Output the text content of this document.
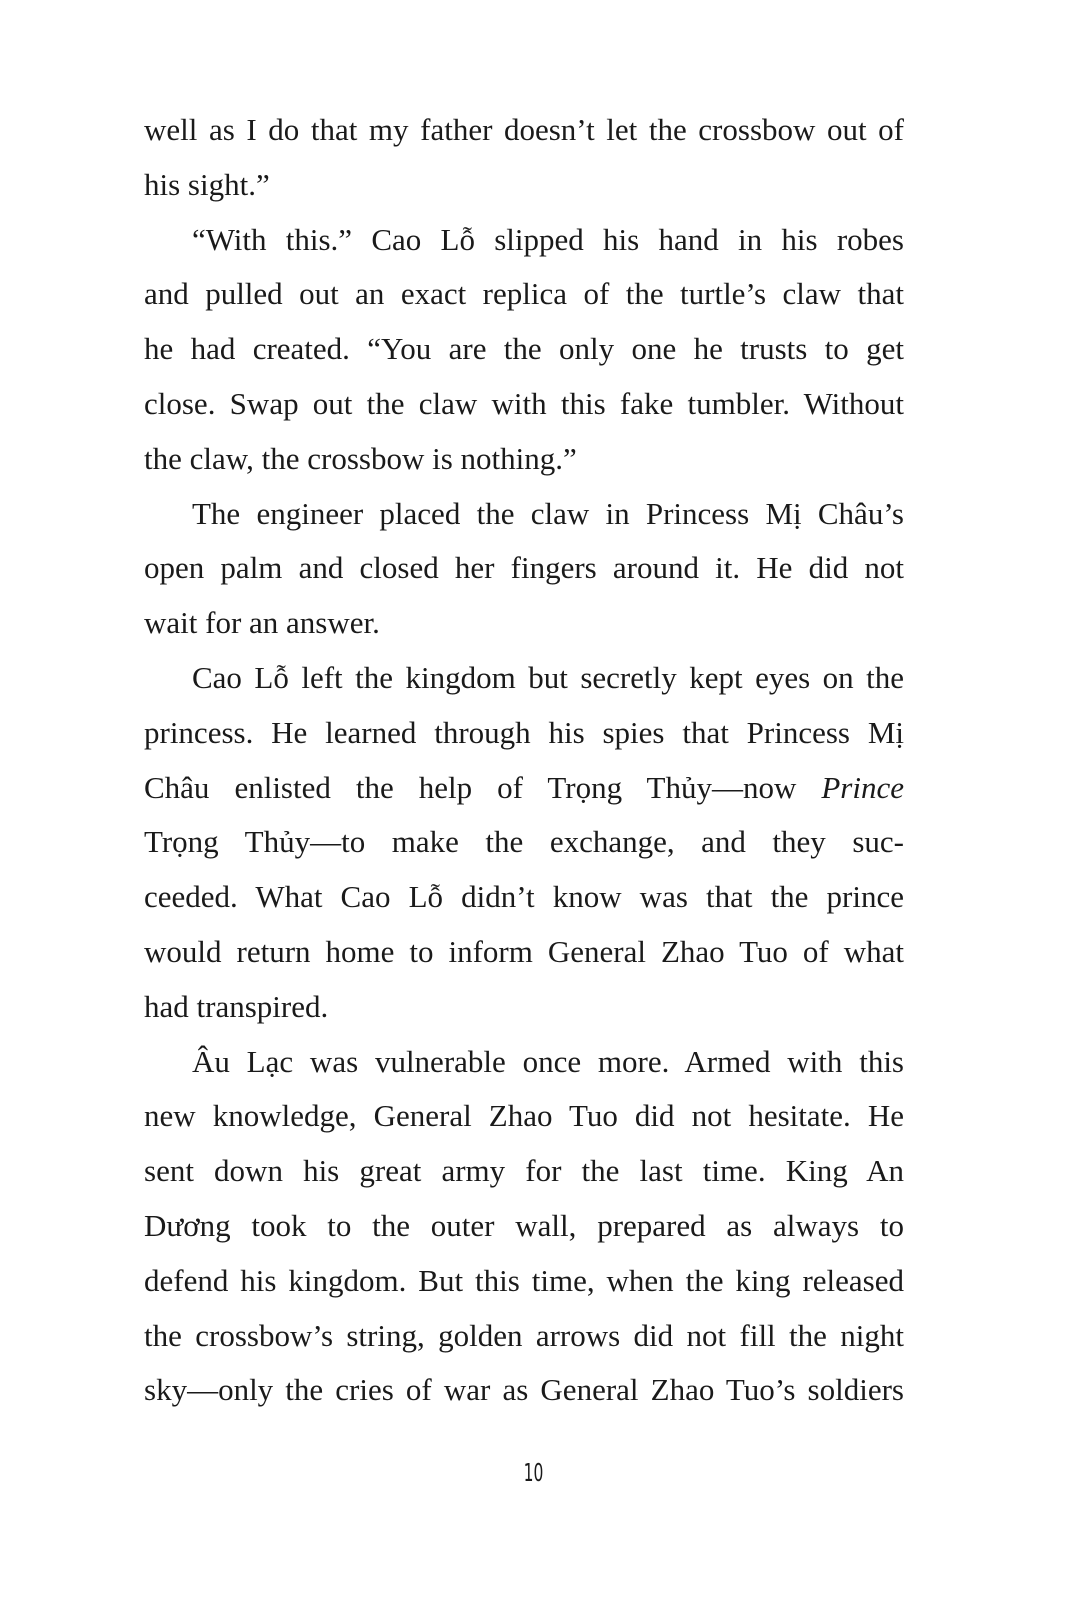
well as I do that my father doesn’t let the crossbow out of
his sight.”
“With this.” Cao Lỗ slipped his hand in his robes
and pulled out an exact replica of the turtle’s claw that
he had created. “You are the only one he trusts to get
close. Swap out the claw with this fake tumbler. Without
the claw, the crossbow is nothing.”
The engineer placed the claw in Princess Mị Châu’s
open palm and closed her fingers around it. He did not
wait for an answer.
Cao Lỗ left the kingdom but secretly kept eyes on the
princess. He learned through his spies that Princess Mị
Châu enlisted the help of Trọng Thủy—now Prince
Trọng Thủy—to make the exchange, and they suc-
ceeded. What Cao Lỗ didn’t know was that the prince
would return home to inform General Zhao Tuo of what
had transpired.
Âu Lạc was vulnerable once more. Armed with this
new knowledge, General Zhao Tuo did not hesitate. He
sent down his great army for the last time. King An
Dương took to the outer wall, prepared as always to
defend his kingdom. But this time, when the king released
the crossbow’s string, golden arrows did not fill the night
sky—only the cries of war as General Zhao Tuo’s soldiers
10
